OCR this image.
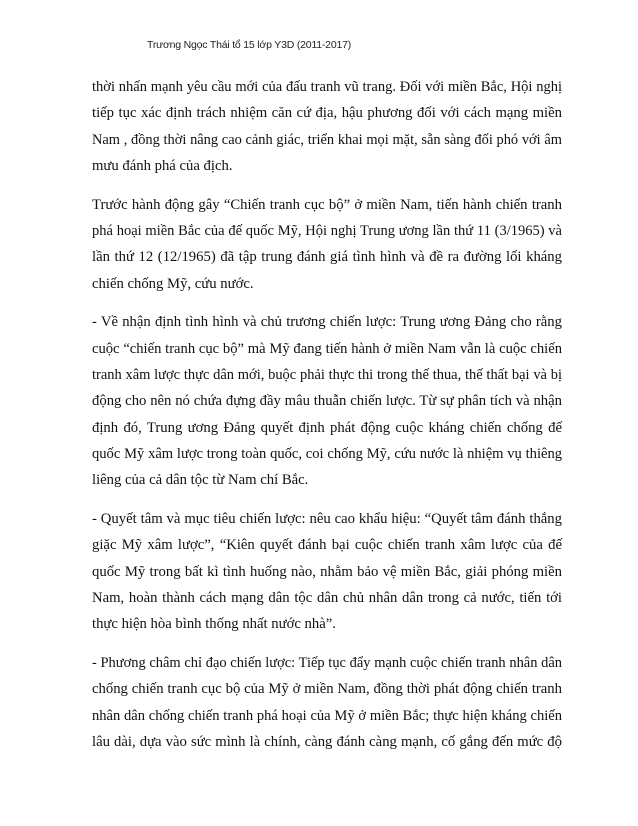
Trương Ngọc Thái tổ 15 lớp Y3D (2011-2017)
thời nhấn mạnh yêu cầu mới của đấu tranh vũ trang. Đối với miền Bắc, Hội nghị
tiếp tục xác định trách nhiệm căn cứ địa, hậu phương đối với cách mạng miền
Nam , đồng thời nâng cao cảnh giác, triển khai mọi mặt, sẵn sàng đối phó với âm
mưu đánh phá của địch.
Trước hành động gây “Chiến tranh cục bộ” ở miền Nam, tiến hành chiến tranh
phá hoại miền Bắc của đế quốc Mỹ, Hội nghị Trung ương lần thứ 11 (3/1965) và
lần thứ 12 (12/1965) đã tập trung đánh giá tình hình và đề ra đường lối kháng
chiến chống Mỹ, cứu nước.
- Về nhận định tình hình và chủ trương chiến lược: Trung ương Đảng cho rằng
cuộc “chiến tranh cục bộ” mà Mỹ đang tiến hành ở miền Nam vẫn là cuộc chiến
tranh xâm lược thực dân mới, buộc phải thực thi trong thế thua, thế thất bại và bị
động cho nên nó chứa đựng đầy mâu thuẫn chiến lược. Từ sự phân tích và nhận
định đó, Trung ương Đảng quyết định phát động cuộc kháng chiến chống đế
quốc Mỹ xâm lược trong toàn quốc, coi chống Mỹ, cứu nước là nhiệm vụ thiêng
liêng của cả dân tộc từ Nam chí Bắc.
- Quyết tâm và mục tiêu chiến lược: nêu cao khẩu hiệu: “Quyết tâm đánh thắng
giặc Mỹ xâm lược”, “Kiên quyết đánh bại cuộc chiến tranh xâm lược của đế
quốc Mỹ trong bất kì tình huống nào, nhằm bảo vệ miền Bắc, giải phóng miền
Nam, hoàn thành cách mạng dân tộc dân chủ nhân dân trong cả nước, tiến tới
thực hiện hòa bình thống nhất nước nhà”.
- Phương châm chỉ đạo chiến lược: Tiếp tục đẩy mạnh cuộc chiến tranh nhân dân
chống chiến tranh cục bộ của Mỹ ở miền Nam, đồng thời phát động chiến tranh
nhân dân chống chiến tranh phá hoại của Mỹ ở miền Bắc; thực hiện kháng chiến
lâu dài, dựa vào sức mình là chính, càng đánh càng mạnh, cố gắng đến mức độ
